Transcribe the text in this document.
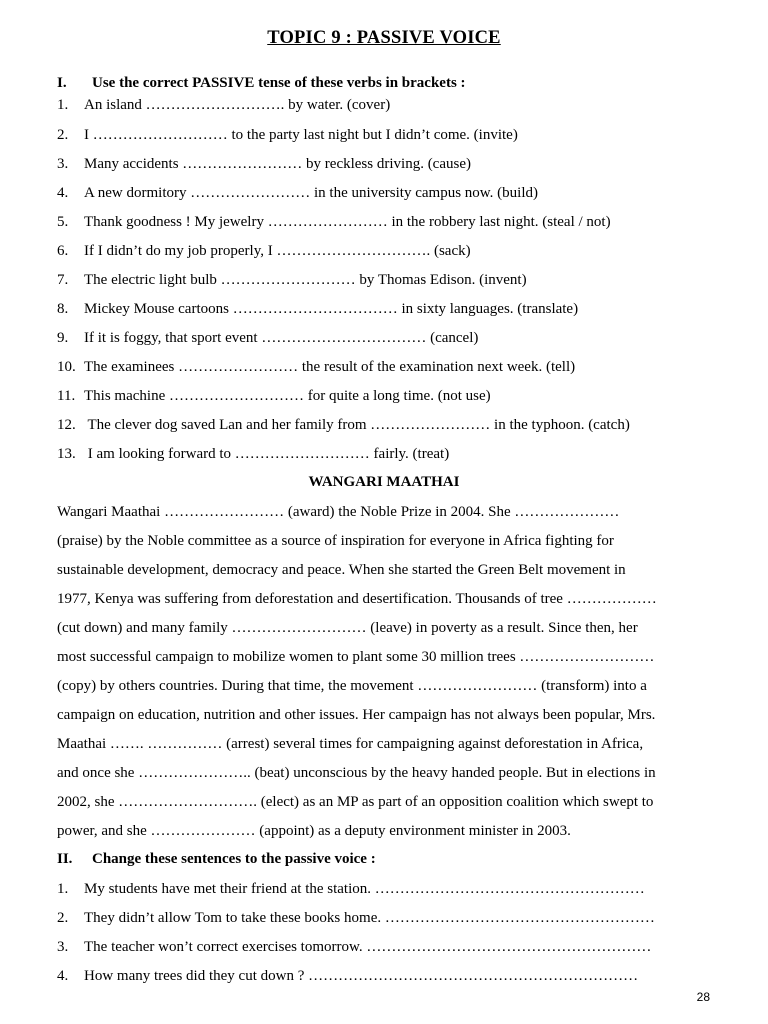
TOPIC 9 : PASSIVE VOICE
I. Use the correct PASSIVE tense of these verbs in brackets :
1. An island ………………………. by water. (cover)
2. I ……………………… to the party last night but I didn’t come. (invite)
3. Many accidents …………………… by reckless driving. (cause)
4. A new dormitory …………………… in the university campus now. (build)
5. Thank goodness ! My jewelry …………………… in the robbery last night. (steal / not)
6. If I didn’t do my job properly, I …………………………. (sack)
7. The electric light bulb ……………………… by Thomas Edison. (invent)
8. Mickey Mouse cartoons …………………………… in sixty languages. (translate)
9. If it is foggy, that sport event …………………………… (cancel)
10. The examinees …………………… the result of the examination next week. (tell)
11. This machine ……………………… for quite a long time. (not use)
12. The clever dog saved Lan and her family from …………………… in the typhoon. (catch)
13. I am looking forward to ……………………… fairly. (treat)
WANGARI MAATHAI
Wangari Maathai …………………… (award) the Noble Prize in 2004. She …………………
(praise) by the Noble committee as a source of inspiration for everyone in Africa fighting for
sustainable development, democracy and peace. When she started the Green Belt movement in
1977, Kenya was suffering from deforestation and desertification. Thousands of tree ………………
(cut down) and many family ……………………… (leave) in poverty as a result. Since then, her
most successful campaign to mobilize women to plant some 30 million trees ………………………
(copy) by others countries. During that time, the movement …………………… (transform) into a
campaign on education, nutrition and other issues. Her campaign has not always been popular, Mrs.
Maathai ……. …………… (arrest) several times for campaigning against deforestation in Africa,
and once she ………………….. (beat) unconscious by the heavy handed people. But in elections in
2002, she ………………………. (elect) as an MP as part of an opposition coalition which swept to
power, and she ………………… (appoint) as a deputy environment minister in 2003.
II. Change these sentences to the passive voice :
1. My students have met their friend at the station. ………………………………………………
2. They didn’t allow Tom to take these books home. ………………………………………………
3. The teacher won’t correct exercises tomorrow. …………………………………………………
4. How many trees did they cut down ? …………………………………………………………
28
